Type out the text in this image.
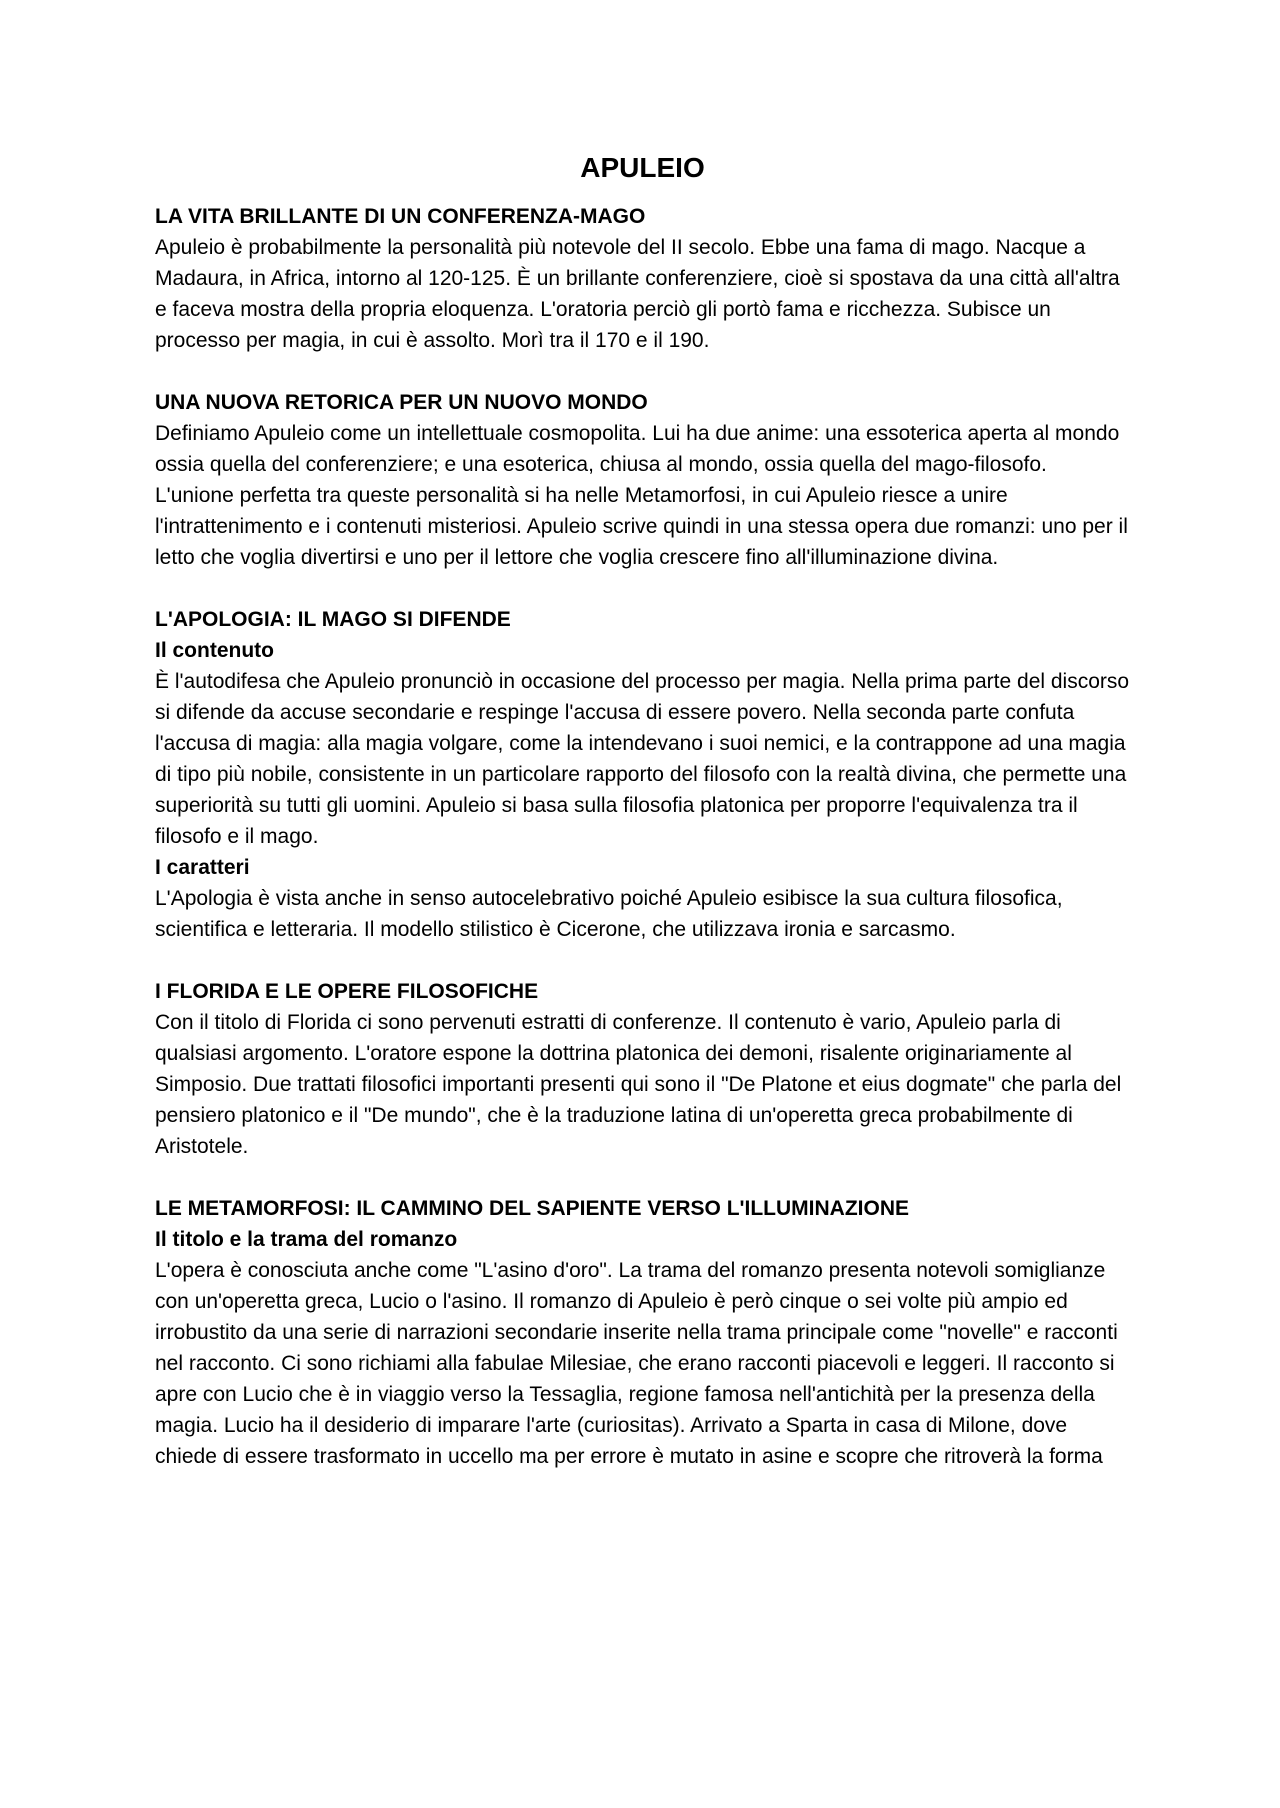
APULEIO
LA VITA BRILLANTE DI UN CONFERENZA-MAGO

Apuleio è probabilmente la personalità più notevole del II secolo. Ebbe una fama di mago. Nacque a Madaura, in Africa, intorno al 120-125. È un brillante conferenziere, cioè si spostava da una città all'altra e faceva mostra della propria eloquenza. L'oratoria perciò gli portò fama e ricchezza. Subisce un processo per magia, in cui è assolto. Morì tra il 170 e il 190.

UNA NUOVA RETORICA PER UN NUOVO MONDO

Definiamo Apuleio come un intellettuale cosmopolita. Lui ha due anime: una essoterica aperta al mondo ossia quella del conferenziere; e una esoterica, chiusa al mondo, ossia quella del mago-filosofo. L'unione perfetta tra queste personalità si ha nelle Metamorfosi, in cui Apuleio riesce a unire l'intrattenimento e i contenuti misteriosi. Apuleio scrive quindi in una stessa opera due romanzi: uno per il letto che voglia divertirsi e uno per il lettore che voglia crescere fino all'illuminazione divina.

L'APOLOGIA: IL MAGO SI DIFENDE
Il contenuto

È l'autodifesa che Apuleio pronunciò in occasione del processo per magia. Nella prima parte del discorso si difende da accuse secondarie e respinge l'accusa di essere povero. Nella seconda parte confuta l'accusa di magia: alla magia volgare, come la intendevano i suoi nemici, e la contrappone ad una magia di tipo più nobile, consistente in un particolare rapporto del filosofo con la realtà divina, che permette una superiorità su tutti gli uomini. Apuleio si basa sulla filosofia platonica per proporre l'equivalenza tra il filosofo e il mago.

I caratteri

L'Apologia è vista anche in senso autocelebrativo poiché Apuleio esibisce la sua cultura filosofica, scientifica e letteraria. Il modello stilistico è Cicerone, che utilizzava ironia e sarcasmo.

I FLORIDA E LE OPERE FILOSOFICHE

Con il titolo di Florida ci sono pervenuti estratti di conferenze. Il contenuto è vario, Apuleio parla di qualsiasi argomento. L'oratore espone la dottrina platonica dei demoni, risalente originariamente al Simposio. Due trattati filosofici importanti presenti qui sono il "De Platone et eius dogmate" che parla del pensiero platonico e il "De mundo", che è la traduzione latina di un'operetta greca probabilmente di Aristotele.

LE METAMORFOSI: IL CAMMINO DEL SAPIENTE VERSO L'ILLUMINAZIONE
Il titolo e la trama del romanzo

L'opera è conosciuta anche come "L'asino d'oro". La trama del romanzo presenta notevoli somiglianze con un'operetta greca, Lucio o l'asino. Il romanzo di Apuleio è però cinque o sei volte più ampio ed irrobustito da una serie di narrazioni secondarie inserite nella trama principale come "novelle" e racconti nel racconto. Ci sono richiami alla fabulae Milesiae, che erano racconti piacevoli e leggeri. Il racconto si apre con Lucio che è in viaggio verso la Tessaglia, regione famosa nell'antichità per la presenza della magia. Lucio ha il desiderio di imparare l'arte (curiositas). Arrivato a Sparta in casa di Milone, dove chiede di essere trasformato in uccello ma per errore è mutato in asine e scopre che ritroverà la forma
